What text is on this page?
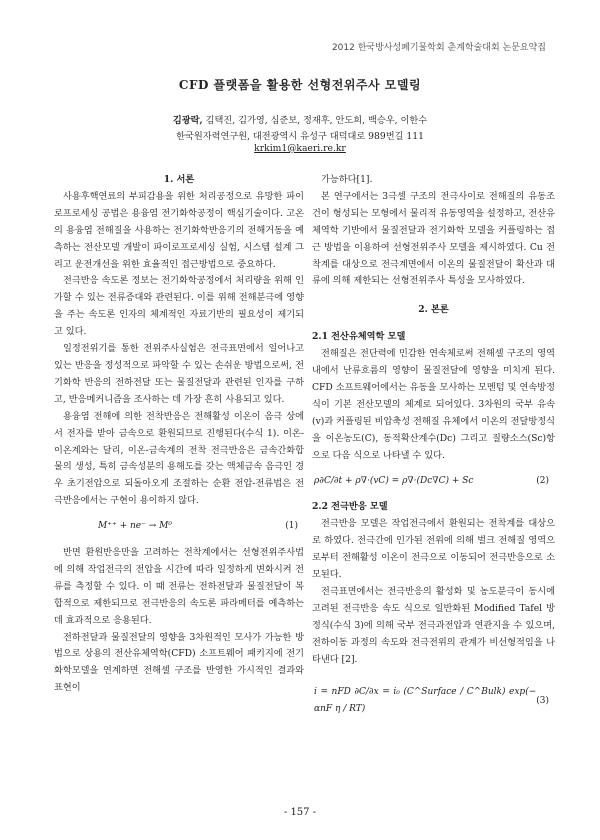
2012 한국방사성폐기물학회 춘계학술대회 논문요약집
CFD 플랫폼을 활용한 선형전위주사 모델링
김광락, 김택진, 김가영, 심준보, 정재후, 안도희, 백승우, 이한수
한국원자력연구원, 대전광역시 유성구 대덕대로 989번길 111
krkim1@kaeri.re.kr

1. 서론

사용후핵연료의 부피감용을 위한 처리공정으로 유망한 파이로프로세싱 공법은 용융염 전기화학공정이 핵심기술이다. 고온의 용융염 전해질을 사용하는 전기화학반응기의 전해거동을 예측하는 전산모델 개발이 파이로프로세싱 실험, 시스템 설계 그리고 운전개선을 위한 효율적인 접근방법으로 중요하다.

전극반응 속도론 정보는 전기화학공정에서 처리량을 위해 인가할 수 있는 전류증대와 관련된다. 이를 위해 전해분극에 영향을 주는 속도론 인자의 체계적인 자료기반의 필요성이 제기되고 있다.

일정전위기를 통한 전위주사실험은 전극표면에서 일어나고 있는 반응을 정성적으로 파악할 수 있는 손쉬운 방법으로써, 전기화학 반응의 전하전달 또는 물질전달과 관련된 인자를 구하고, 반응메커니즘을 조사하는 데 가장 흔히 사용되고 있다.

용융염 전해에 의한 전착반응은 전해활성 이온이 음극 상에서 전자를 받아 금속으로 환원되므로 진행된다(수식 1). 이온-이온계와는 달리, 이온-금속계의 전착 전극반응은 금속간화합물의 생성, 특히 금속성분의 용해도를 갖는 액체금속 음극인 경우 초기전압으로 되돌아오게 조절하는 순환 전압-전류법은 전극반응에서는 구현이 용이하지 않다.

M⁺⁺ + ne⁻ → M⁰	(1)

반면 환원반응만을 고려하는 전착계에서는 선형전위주사법에 의해 작업전극의 전압을 시간에 따라 일정하게 변화시켜 전류를 측정할 수 있다. 이 때 전류는 전하전달과 물질전달이 복합적으로 제한되므로 전극반응의 속도론 파라메터를 예측하는데 효과적으로 응용된다.

전하전달과 물질전달의 영향을 3차원적인 모사가 가능한 방법으로 상용의 전산유체역학(CFD) 소프트웨어 패키지에 전기화학모델을 연계하면 전해셀 구조를 반영한 가시적인 결과와 표현이

가능하다[1].

본 연구에서는 3극셀 구조의 전극사이로 전해질의 유동조건이 형성되는 모형에서 물리적 유동영역을 설정하고, 전산유체역학 기반에서 물질전달과 전기화학 모델을 커플링하는 접근 방법을 이용하여 선형전위주사 모델을 제시하였다. Cu 전착계를 대상으로 전극계면에서 이온의 물질전달이 확산과 대류에 의해 제한되는 선형전위주사 특성을 모사하였다.

2. 본론

2.1 전산유체역학 모델

전해질은 전단력에 민감한 연속체로써 전해셀 구조의 영역 내에서 난류흐름의 영향이 물질전달에 영향을 미치게 된다. CFD 소프트웨어에서는 유동을 모사하는 모멘텀 및 연속방정식이 기본 전산모델의 체계로 되어있다. 3차원의 국부 유속(v)과 커플링된 비압축성 전해질 유체에서 이온의 전달방정식을 이온농도(C), 동적확산계수(Dc) 그리고 질량소스(Sc)항으로 다음 식으로 나타낼 수 있다.

ρ∂C/∂t + ρ∇·(vC) = ρ∇·(Dc∇C) + Sc	(2)

2.2 전극반응 모델

전극반응 모델은 작업전극에서 환원되는 전착계를 대상으로 하였다. 전극간에 인가된 전위에 의해 벌크 전해질 영역으로부터 전해활성 이온이 전극으로 이동되어 전극반응으로 소모된다.

전극표면에서는 전극반응의 활성화 및 농도분극이 동시에 고려된 전극반응 속도 식으로 일반화된 Modified Tafel 방정식(수식 3)에 의해 국부 전극과전압과 연관지을 수 있으며, 전하이동 과정의 속도와 전극전위의 관계가 비선형적임을 나타낸다 [2].

i = nFD ∂C/∂x = i₀ (C^Surface / C^Bulk) exp(− αnF η / RT)
(3)
- 157 -
